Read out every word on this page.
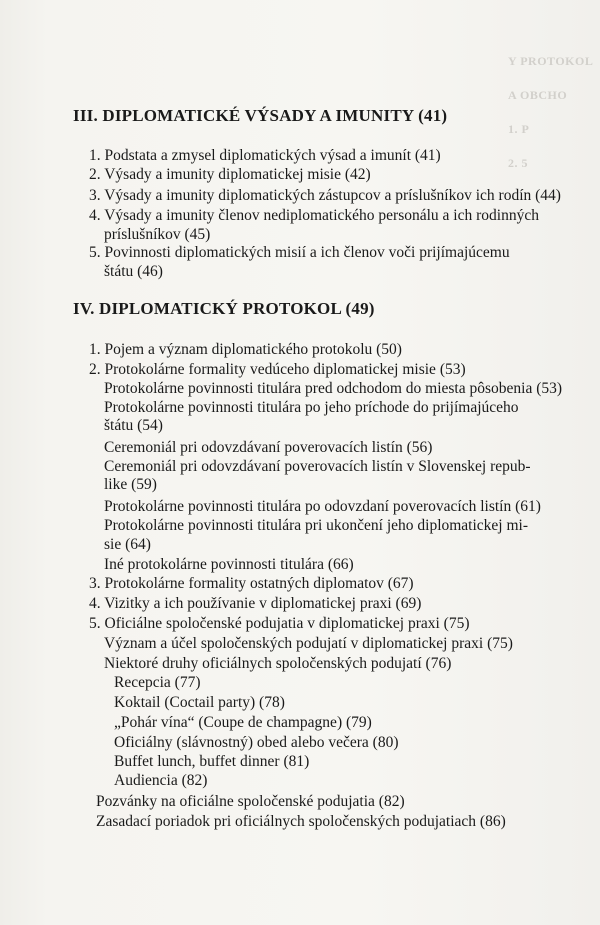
Y PROTOKOL
A OBCHO
1. P
2. 5
III. DIPLOMATICKÉ VÝSADY A IMUNITY (41)
1. Podstata a zmysel diplomatických výsad a imunít (41)
2. Výsady a imunity diplomatickej misie (42)
3. Výsady a imunity diplomatických zástupcov a príslušníkov ich rodín (44)
4. Výsady a imunity členov nediplomatického personálu a ich rodinných
príslušníkov (45)
5. Povinnosti diplomatických misií a ich členov voči prijímajúcemu
štátu (46)
IV. DIPLOMATICKÝ PROTOKOL (49)
1. Pojem a význam diplomatického protokolu (50)
2. Protokolárne formality vedúceho diplomatickej misie (53)
Protokolárne povinnosti titulára pred odchodom do miesta pôsobenia (53)
Protokolárne povinnosti titulára po jeho príchode do prijímajúceho
štátu (54)
Ceremoniál pri odovzdávaní poverovacích listín (56)
Ceremoniál pri odovzdávaní poverovacích listín v Slovenskej repub-
like (59)
Protokolárne povinnosti titulára po odovzdaní poverovacích listín (61)
Protokolárne povinnosti titulára pri ukončení jeho diplomatickej mi-
sie (64)
Iné protokolárne povinnosti titulára (66)
3. Protokolárne formality ostatných diplomatov (67)
4. Vizitky a ich používanie v diplomatickej praxi (69)
5. Oficiálne spoločenské podujatia v diplomatickej praxi (75)
Význam a účel spoločenských podujatí v diplomatickej praxi (75)
Niektoré druhy oficiálnych spoločenských podujatí (76)
Recepcia (77)
Koktail (Coctail party) (78)
„Pohár vína“ (Coupe de champagne) (79)
Oficiálny (slávnostný) obed alebo večera (80)
Buffet lunch, buffet dinner (81)
Audiencia (82)
Pozvánky na oficiálne spoločenské podujatia (82)
Zasadací poriadok pri oficiálnych spoločenských podujatiach (86)
